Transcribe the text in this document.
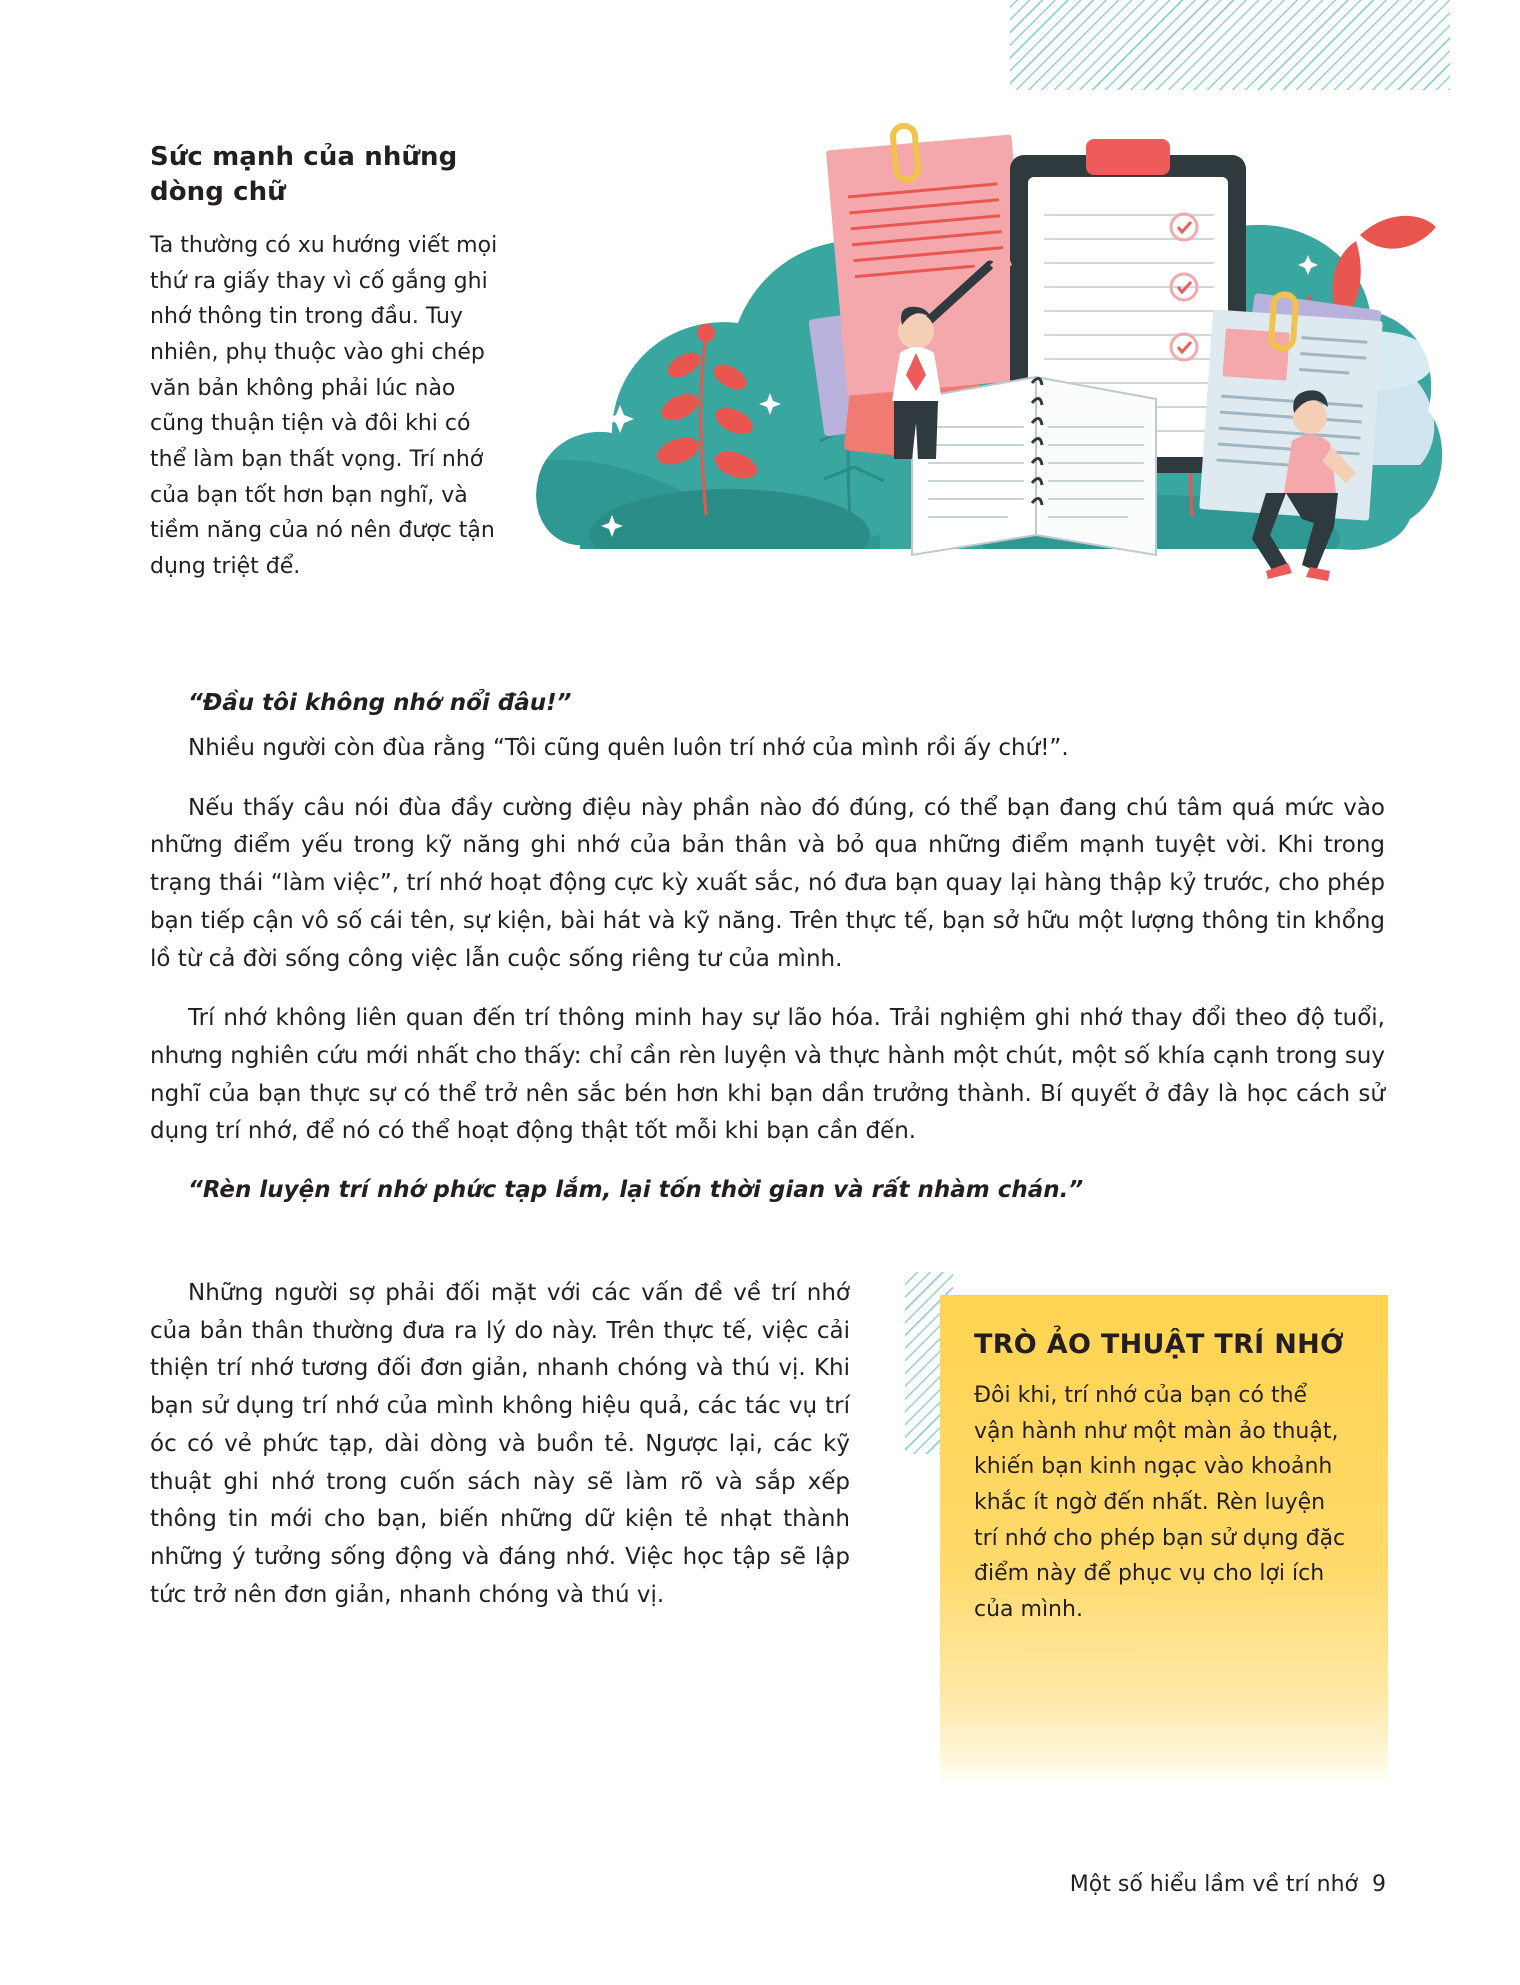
Sức mạnh của những dòng chữ

Ta thường có xu hướng viết mọi thứ ra giấy thay vì cố gắng ghi nhớ thông tin trong đầu. Tuy nhiên, phụ thuộc vào ghi chép văn bản không phải lúc nào cũng thuận tiện và đôi khi có thể làm bạn thất vọng. Trí nhớ của bạn tốt hơn bạn nghĩ, và tiềm năng của nó nên được tận dụng triệt để.

“Đầu tôi không nhớ nổi đâu!”

Nhiều người còn đùa rằng “Tôi cũng quên luôn trí nhớ của mình rồi ấy chứ!”.

Nếu thấy câu nói đùa đầy cường điệu này phần nào đó đúng, có thể bạn đang chú tâm quá mức vào những điểm yếu trong kỹ năng ghi nhớ của bản thân và bỏ qua những điểm mạnh tuyệt vời. Khi trong trạng thái “làm việc”, trí nhớ hoạt động cực kỳ xuất sắc, nó đưa bạn quay lại hàng thập kỷ trước, cho phép bạn tiếp cận vô số cái tên, sự kiện, bài hát và kỹ năng. Trên thực tế, bạn sở hữu một lượng thông tin khổng lồ từ cả đời sống công việc lẫn cuộc sống riêng tư của mình.

Trí nhớ không liên quan đến trí thông minh hay sự lão hóa. Trải nghiệm ghi nhớ thay đổi theo độ tuổi, nhưng nghiên cứu mới nhất cho thấy: chỉ cần rèn luyện và thực hành một chút, một số khía cạnh trong suy nghĩ của bạn thực sự có thể trở nên sắc bén hơn khi bạn dần trưởng thành. Bí quyết ở đây là học cách sử dụng trí nhớ, để nó có thể hoạt động thật tốt mỗi khi bạn cần đến.

“Rèn luyện trí nhớ phức tạp lắm, lại tốn thời gian và rất nhàm chán.”

Những người sợ phải đối mặt với các vấn đề về trí nhớ của bản thân thường đưa ra lý do này. Trên thực tế, việc cải thiện trí nhớ tương đối đơn giản, nhanh chóng và thú vị. Khi bạn sử dụng trí nhớ của mình không hiệu quả, các tác vụ trí óc có vẻ phức tạp, dài dòng và buồn tẻ. Ngược lại, các kỹ thuật ghi nhớ trong cuốn sách này sẽ làm rõ và sắp xếp thông tin mới cho bạn, biến những dữ kiện tẻ nhạt thành những ý tưởng sống động và đáng nhớ. Việc học tập sẽ lập tức trở nên đơn giản, nhanh chóng và thú vị.

TRÒ ẢO THUẬT TRÍ NHỚ

Đôi khi, trí nhớ của bạn có thể vận hành như một màn ảo thuật, khiến bạn kinh ngạc vào khoảnh khắc ít ngờ đến nhất. Rèn luyện trí nhớ cho phép bạn sử dụng đặc điểm này để phục vụ cho lợi ích của mình.

Một số hiểu lầm về trí nhớ 9
